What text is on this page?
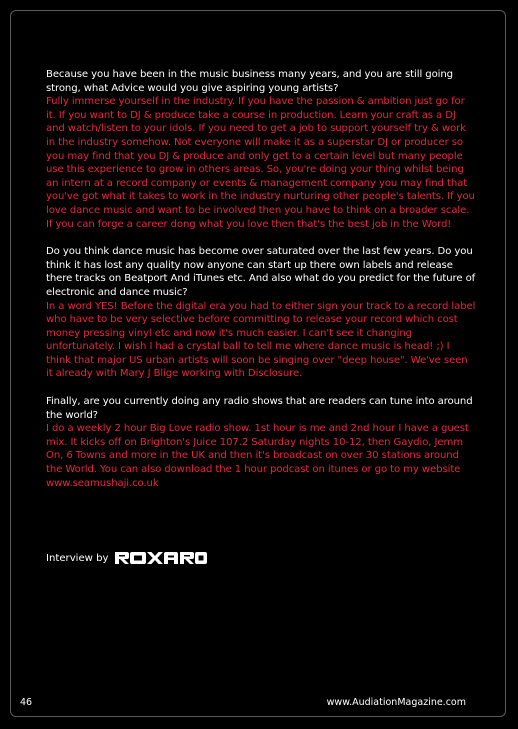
Because you have been in the music business many years, and you are still going strong, what Advice would you give aspiring young artists?

Fully immerse yourself in the industry. If you have the passion & ambition just go for it. If you want to DJ & produce take a course in production. Learn your craft as a DJ and watch/listen to your idols. If you need to get a job to support yourself try & work in the industry somehow. Not everyone will make it as a superstar DJ or producer so you may find that you DJ & produce and only get to a certain level but many people use this experience to grow in others areas. So, you're doing your thing whilst being an intern at a record company or events & management company you may find that you've got what it takes to work in the industry nurturing other people's talents. If you love dance music and want to be involved then you have to think on a broader scale. If you can forge a career dong what you love then that's the best job in the Word!

Do you think dance music has become over saturated over the last few years. Do you think it has lost any quality now anyone can start up there own labels and release there tracks on Beatport And iTunes etc. And also what do you predict for the future of electronic and dance music?

In a word YES! Before the digital era you had to either sign your track to a record label who have to be very selective before committing to release your record which cost money pressing vinyl etc and now it's much easier. I can't see it changing unfortunately. I wish I had a crystal ball to tell me where dance music is head! ;) I think that major US urban artists will soon be singing over "deep house". We've seen it already with Mary J Blige working with Disclosure.

Finally, are you currently doing any radio shows that are readers can tune into around the world?

I do a weekly 2 hour Big Love radio show. 1st hour is me and 2nd hour I have a guest mix. It kicks off on Brighton's Juice 107.2 Saturday nights 10-12, then Gaydio, Jemm On, 6 Towns and more in the UK and then it's broadcast on over 30 stations around the World. You can also download the 1 hour podcast on itunes or go to my website www.seamushaji.co.uk

Interview by
46	www.AudiationMagazine.com
